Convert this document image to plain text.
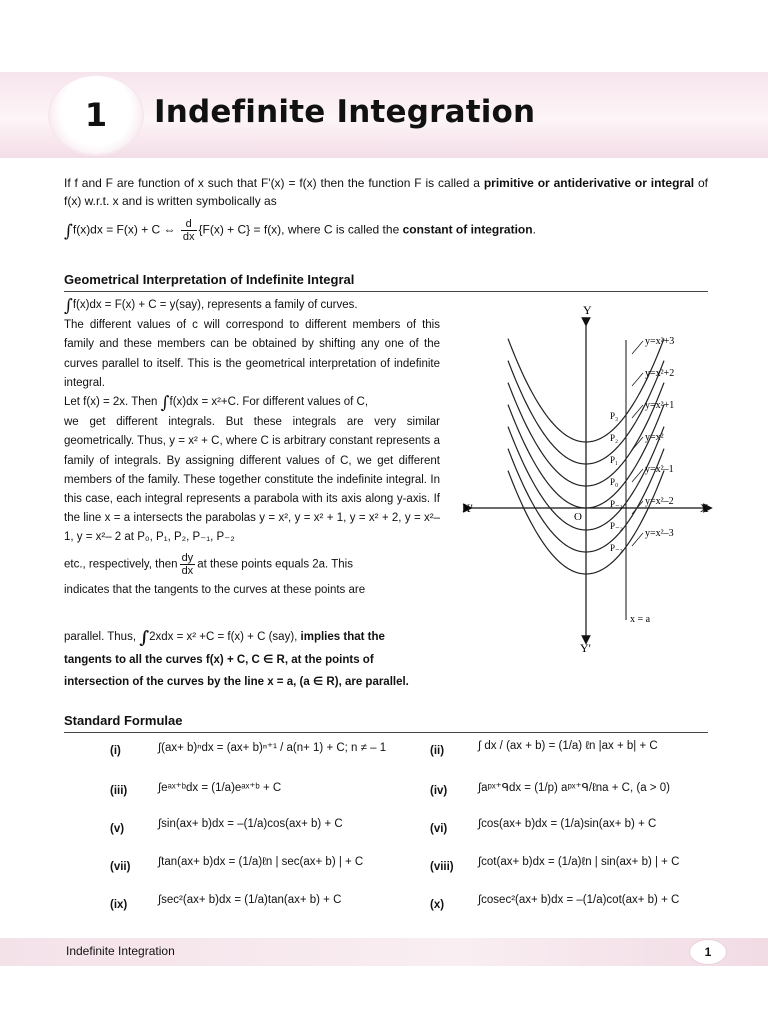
1 Indefinite Integration
If f and F are function of x such that F'(x) = f(x) then the function F is called a primitive or antiderivative or integral of f(x) w.r.t. x and is written symbolically as
∫f(x)dx = F(x) + C ⇔ $\frac{d}{dx} \{F(x) + C\} = f(x)$, where C is called the constant of integration.
Geometrical Interpretation of Indefinite Integral

∫f(x)dx = F(x) + C = y(say), represents a family of curves.

The different values of c will correspond to different members of this family and these members can be obtained by shifting any one of the curves parallel to itself. This is the geometrical interpretation of indefinite integral.

Let f(x) = 2x. Then ∫f(x)dx = x²+C. For different values of C,

we get different integrals. But these integrals are very similar geometrically. Thus, y = x² + C, where C is arbitrary constant represents a family of integrals. By assigning different values of C, we get different members of the family. These together constitute the indefinite integral. In this case, each integral represents a parabola with its axis along y-axis. If the line x = a intersects the parabolas y = x², y = x² + 1, y = x² + 2, y = x²– 1, y = x²– 2 at P₀, P₁, P₂, P₋₁, P₋₂

etc., respectively, then $\frac{dy}{dx}$ at these points equals 2a. This

indicates that the tangents to the curves at these points are

parallel. Thus, ∫2xdx = x² +C = f(x) + C (say), implies that the
tangents to all the curves f(x) + C, C ∈ R, at the points of
intersection of the curves by the line x = a, (a ∈ R), are parallel.
P₃
y=x²+3
P₂
y=x²+2
P₁
y=x²+1
P₀
y=x²
P₋₁
y=x²–1
P₋₂
y=x²–2
P₋₃
y=x²–3
Y
Y'
X
X'
O
x = a
Standard Formulae
(i)	∫(ax+ b)ⁿdx = (ax+ b)ⁿ⁺¹ / a(n+ 1) + C; n ≠ – 1	(ii)	∫ dx / (ax + b) = (1/a) ℓn |ax + b| + C
(iii)	∫eᵃˣ⁺ᵇdx = (1/a)eᵃˣ⁺ᵇ + C	(iv)	∫aᵖˣ⁺ᑫdx = (1/p) aᵖˣ⁺ᑫ/ℓna + C, (a > 0)
(v)	∫sin(ax+ b)dx = –(1/a)cos(ax+ b) + C	(vi)	∫cos(ax+ b)dx = (1/a)sin(ax+ b) + C
(vii)	∫tan(ax+ b)dx = (1/a)ℓn | sec(ax+ b) | + C	(viii)	∫cot(ax+ b)dx = (1/a)ℓn | sin(ax+ b) | + C
(ix)	∫sec²(ax+ b)dx = (1/a)tan(ax+ b) + C	(x)	∫cosec²(ax+ b)dx = –(1/a)cot(ax+ b) + C
Indefinite Integration	1
